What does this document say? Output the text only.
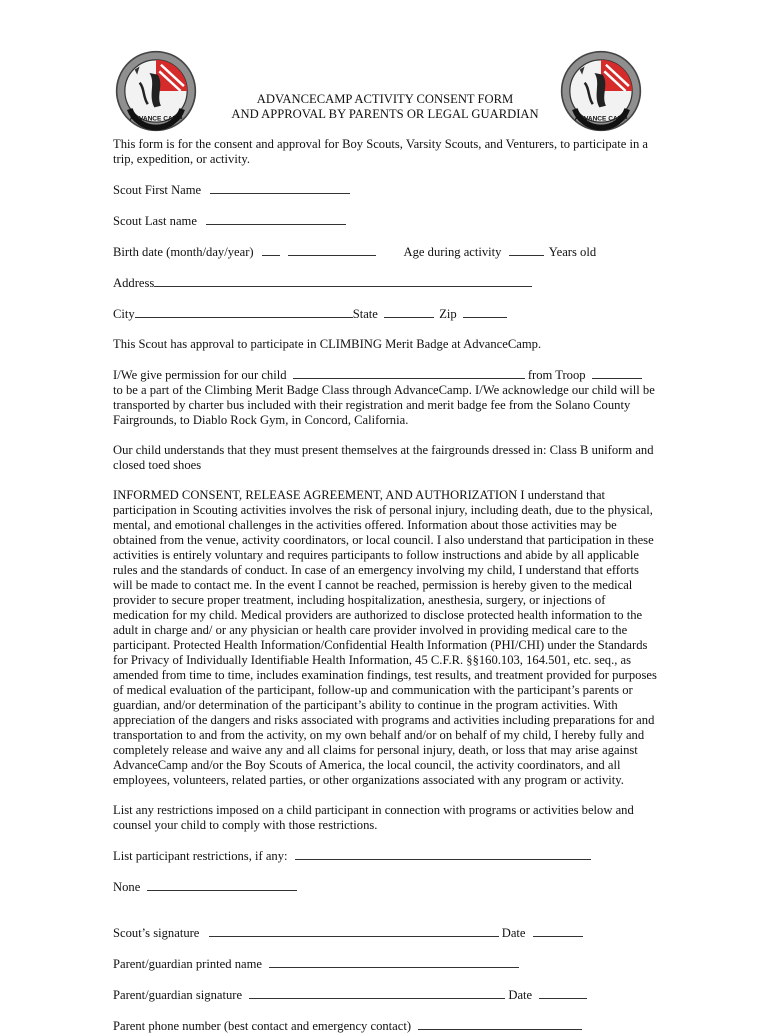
ADVANCE CAMP	ADVANCE CAMP
ADVANCECAMP ACTIVITY CONSENT FORM
AND APPROVAL BY PARENTS OR LEGAL GUARDIAN

This form is for the consent and approval for Boy Scouts, Varsity Scouts, and Venturers, to participate in a trip, expedition, or activity.

Scout First Name
Scout Last name
Birth date (month/day/year)	Age during activity	Years old
Address
City	State	Zip

This Scout has approval to participate in CLIMBING Merit Badge at AdvanceCamp.

I/We give permission for our child	from Troop

to be a part of the Climbing Merit Badge Class through AdvanceCamp. I/We acknowledge our child will be transported by charter bus included with their registration and merit badge fee from the Solano County Fairgrounds, to Diablo Rock Gym, in Concord, California.

Our child understands that they must present themselves at the fairgrounds dressed in: Class B uniform and closed toed shoes

INFORMED CONSENT, RELEASE AGREEMENT, AND AUTHORIZATION I understand that participation in Scouting activities involves the risk of personal injury, including death, due to the physical, mental, and emotional challenges in the activities offered. Information about those activities may be obtained from the venue, activity coordinators, or local council. I also understand that participation in these activities is entirely voluntary and requires participants to follow instructions and abide by all applicable rules and the standards of conduct. In case of an emergency involving my child, I understand that efforts will be made to contact me. In the event I cannot be reached, permission is hereby given to the medical provider to secure proper treatment, including hospitalization, anesthesia, surgery, or injections of medication for my child. Medical providers are authorized to disclose protected health information to the adult in charge and/ or any physician or health care provider involved in providing medical care to the participant. Protected Health Information/Confidential Health Information (PHI/CHI) under the Standards for Privacy of Individually Identifiable Health Information, 45 C.F.R. §§160.103, 164.501, etc. seq., as amended from time to time, includes examination findings, test results, and treatment provided for purposes of medical evaluation of the participant, follow-up and communication with the participant’s parents or guardian, and/or determination of the participant’s ability to continue in the program activities. With appreciation of the dangers and risks associated with programs and activities including preparations for and transportation to and from the activity, on my own behalf and/or on behalf of my child, I hereby fully and completely release and waive any and all claims for personal injury, death, or loss that may arise against AdvanceCamp and/or the Boy Scouts of America, the local council, the activity coordinators, and all employees, volunteers, related parties, or other organizations associated with any program or activity.

List any restrictions imposed on a child participant in connection with programs or activities below and counsel your child to comply with those restrictions.

List participant restrictions, if any:
None
Scout’s signature	Date
Parent/guardian printed name
Parent/guardian signature	Date
Parent phone number (best contact and emergency contact)
